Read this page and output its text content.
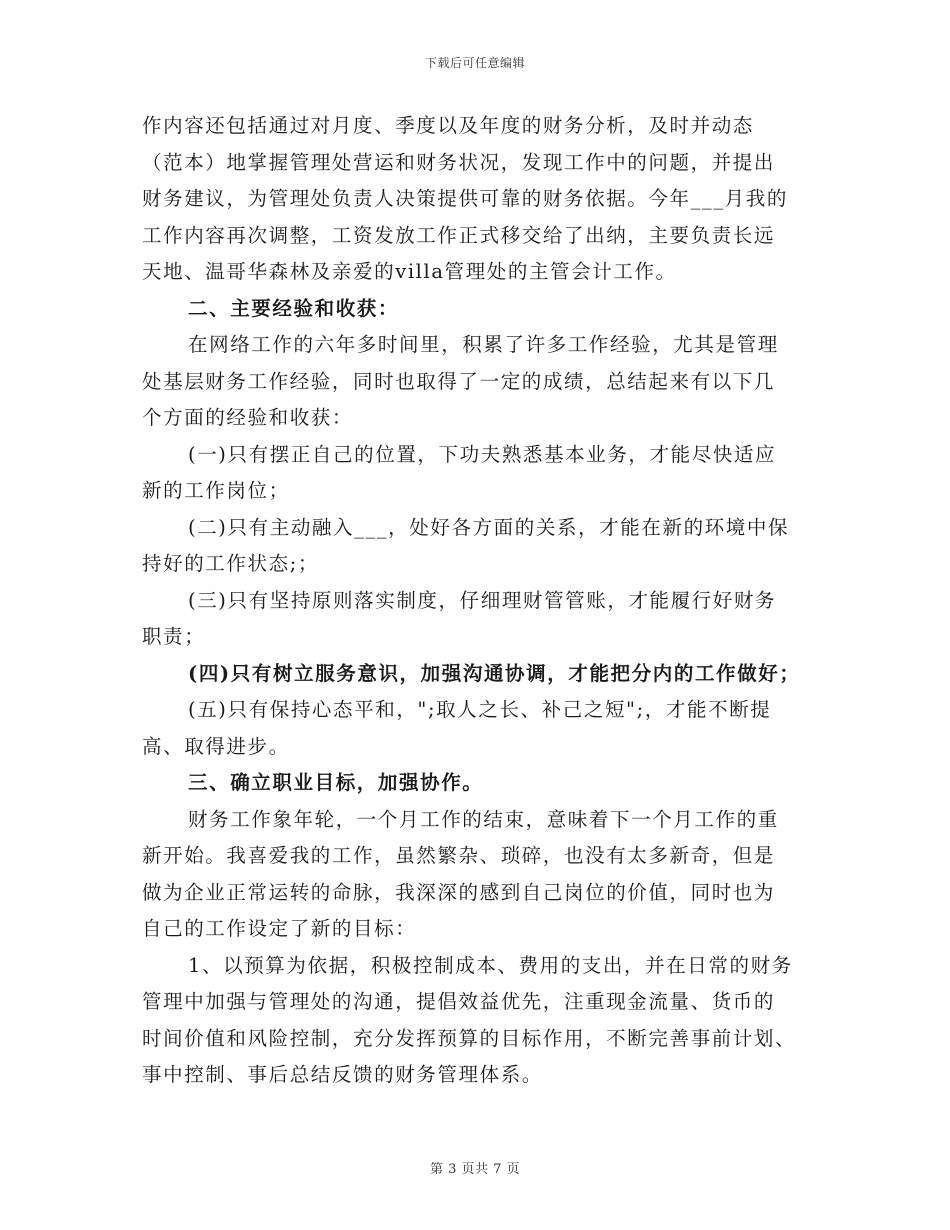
下载后可任意编辑
作内容还包括通过对月度、季度以及年度的财务分析，及时并动态
（范本）地掌握管理处营运和财务状况，发现工作中的问题，并提出
财务建议，为管理处负责人决策提供可靠的财务依据。今年___月我的
工作内容再次调整，工资发放工作正式移交给了出纳，主要负责长远
天地、温哥华森林及亲爱的villa管理处的主管会计工作。
二、主要经验和收获：
在网络工作的六年多时间里，积累了许多工作经验，尤其是管理
处基层财务工作经验，同时也取得了一定的成绩，总结起来有以下几
个方面的经验和收获：
(一)只有摆正自己的位置，下功夫熟悉基本业务，才能尽快适应
新的工作岗位；
(二)只有主动融入___，处好各方面的关系，才能在新的环境中保
持好的工作状态;；
(三)只有坚持原则落实制度，仔细理财管管账，才能履行好财务
职责；
(四)只有树立服务意识，加强沟通协调，才能把分内的工作做好；
(五)只有保持心态平和，";取人之长、补己之短";，才能不断提
高、取得进步。
三、确立职业目标，加强协作。
财务工作象年轮，一个月工作的结束，意味着下一个月工作的重
新开始。我喜爱我的工作，虽然繁杂、琐碎，也没有太多新奇，但是
做为企业正常运转的命脉，我深深的感到自己岗位的价值，同时也为
自己的工作设定了新的目标：
1、以预算为依据，积极控制成本、费用的支出，并在日常的财务
管理中加强与管理处的沟通，提倡效益优先，注重现金流量、货币的
时间价值和风险控制，充分发挥预算的目标作用，不断完善事前计划、
事中控制、事后总结反馈的财务管理体系。
第 3 页共 7 页
